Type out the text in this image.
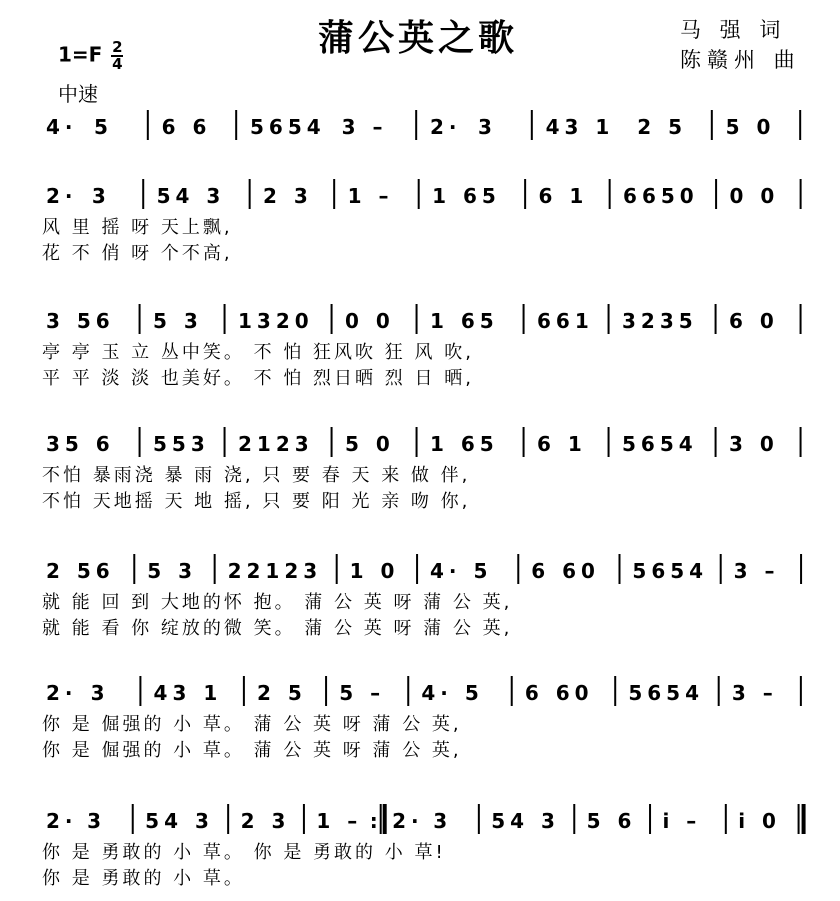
蒲公英之歌	马 强 词
陈赣州 曲
$1=F \frac{2}{4}$
中速
4· 5 6 6 5654 3 – 2· 3 43 1 2 5 5 0
2· 3 54 3 2 3 1 – 1 65 6 1 6650 0 0
风 里 摇 呀 天上飘,
花 不 俏 呀 个不高,
3 56 5 3 1320 0 0 1 65 661 3235 6 0
亭 亭 玉 立 丛中笑。 不 怕 狂风吹 狂 风 吹,
平 平 淡 淡 也美好。 不 怕 烈日晒 烈 日 晒,
35 6 553 2123 5 0 1 65 6 1 5654 3 0
不怕 暴雨浇 暴 雨 浇, 只 要 春 天 来 做 伴,
不怕 天地摇 天 地 摇, 只 要 阳 光 亲 吻 你,
2 56 5 3 22123 1 0 4· 5 6 60 5654 3 –
就 能 回 到 大地的怀 抱。 蒲 公 英 呀 蒲 公 英,
就 能 看 你 绽放的微 笑。 蒲 公 英 呀 蒲 公 英,
2· 3 43 1 2 5 5 – 4· 5 6 60 5654 3 –
你 是 倔强的 小 草。 蒲 公 英 呀 蒲 公 英,
你 是 倔强的 小 草。 蒲 公 英 呀 蒲 公 英,
2· 3 54 3 2 3 1 – : 2· 3 54 3 5 6 i – i 0
你 是 勇敢的 小 草。 你 是 勇敢的 小 草!
你 是 勇敢的 小 草。
